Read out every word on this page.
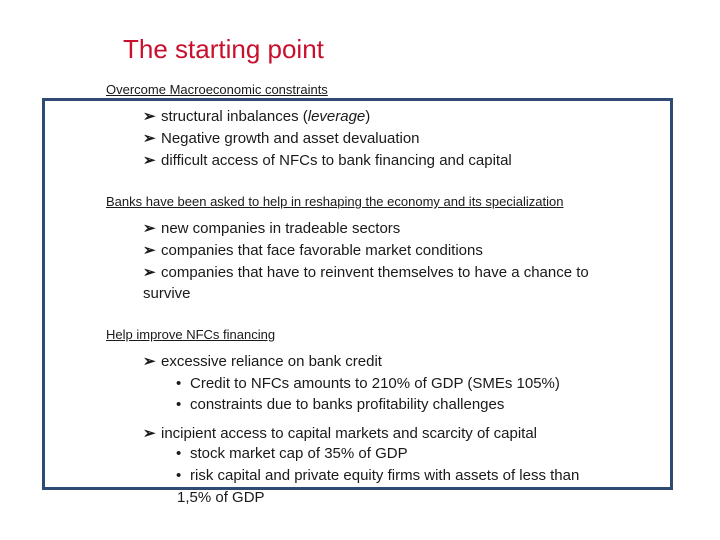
The starting point
Overcome Macroeconomic constraints
➢ structural inbalances (leverage)
➢ Negative growth and asset devaluation
➢ difficult access of NFCs to bank financing and capital
Banks have been asked to help in reshaping the economy and its specialization
➢ new companies in tradeable sectors
➢ companies that face favorable market conditions
➢ companies that have to reinvent themselves to have a chance to
survive
Help improve NFCs financing
➢ excessive reliance on bank credit
• Credit to NFCs amounts to 210% of GDP (SMEs 105%)
• constraints due to banks profitability challenges
➢ incipient access to capital markets and scarcity of capital
• stock market cap of 35% of GDP
• risk capital and private equity firms with assets of less than
1,5% of GDP
